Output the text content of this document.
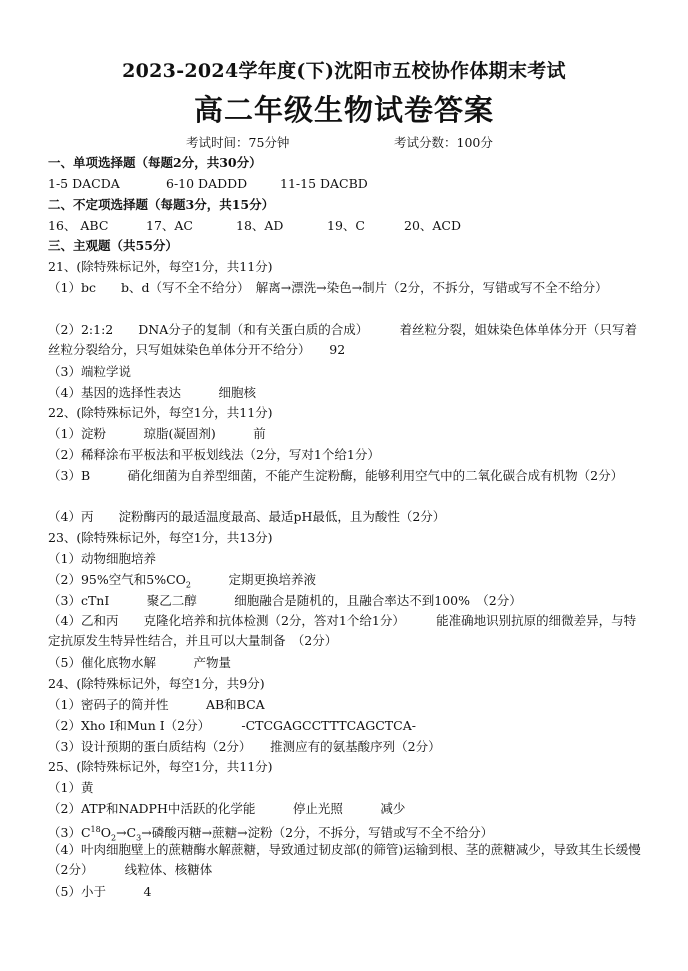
2023-2024学年度(下)沈阳市五校协作体期末考试
高二年级生物试卷答案
考试时间：75分钟	考试分数：100分
一、单项选择题（每题2分，共30分）
1-5 DACDA	6-10 DADDD	11-15 DACBD
二、不定项选择题（每题3分，共15分）
16、 ABC	17、AC	18、AD	19、C	20、ACD
三、主观题（共55分）
21、(除特殊标记外，每空1分，共11分)
（1）bc　　b、d（写不全不给分）　解离→漂洗→染色→制片（2分，不拆分，写错或写不全不给分）
（2）2:1:2　　DNA分子的复制（和有关蛋白质的合成）　　　着丝粒分裂，姐妹染色体单体分开（只写着丝粒分裂给分，只写姐妹染色单体分开不给分）　　92
（3）端粒学说
（4）基因的选择性表达　　　细胞核
22、(除特殊标记外，每空1分，共11分)
（1）淀粉　　　琼脂(凝固剂)　　　前
（2）稀释涂布平板法和平板划线法（2分，写对1个给1分）
（3）B　　　硝化细菌为自养型细菌，不能产生淀粉酶，能够利用空气中的二氧化碳合成有机物（2分）
（4）丙　　淀粉酶丙的最适温度最高、最适pH最低，且为酸性（2分）
23、(除特殊标记外，每空1分，共13分)
（1）动物细胞培养
（2）95%空气和$5\%CO_2$　　　定期更换培养液
（3）cTnI　　　聚乙二醇　　　细胞融合是随机的，且融合率达不到100%　（2分）
（4）乙和丙　　克隆化培养和抗体检测（2分，答对1个给1分）　　　能准确地识别抗原的细微差异，与特定抗原发生特异性结合，并且可以大量制备　（2分）
（5）催化底物水解　　　产物量
24、(除特殊标记外，每空1分，共9分)
（1）密码子的简并性　　　AB和BCA
（2）Xho I和Mun I（2分）　　　-CTCGAGCCTTTCAGCTCA-
（3）设计预期的蛋白质结构（2分）　　推测应有的氨基酸序列（2分）
25、(除特殊标记外，每空1分，共11分)
（1）黄
（2）ATP和NADPH中活跃的化学能　　　停止光照　　　减少
$(3)C^{18}O_2\to C_3\to$磷酸丙糖→蔗糖→淀粉（2分，不拆分，写错或写不全不给分）
（4）叶肉细胞壁上的蔗糖酶水解蔗糖，导致通过韧皮部(的筛管)运输到根、茎的蔗糖减少，导致其生长缓慢　（2分）　　　线粒体、核糖体
（5）小于　　　4
